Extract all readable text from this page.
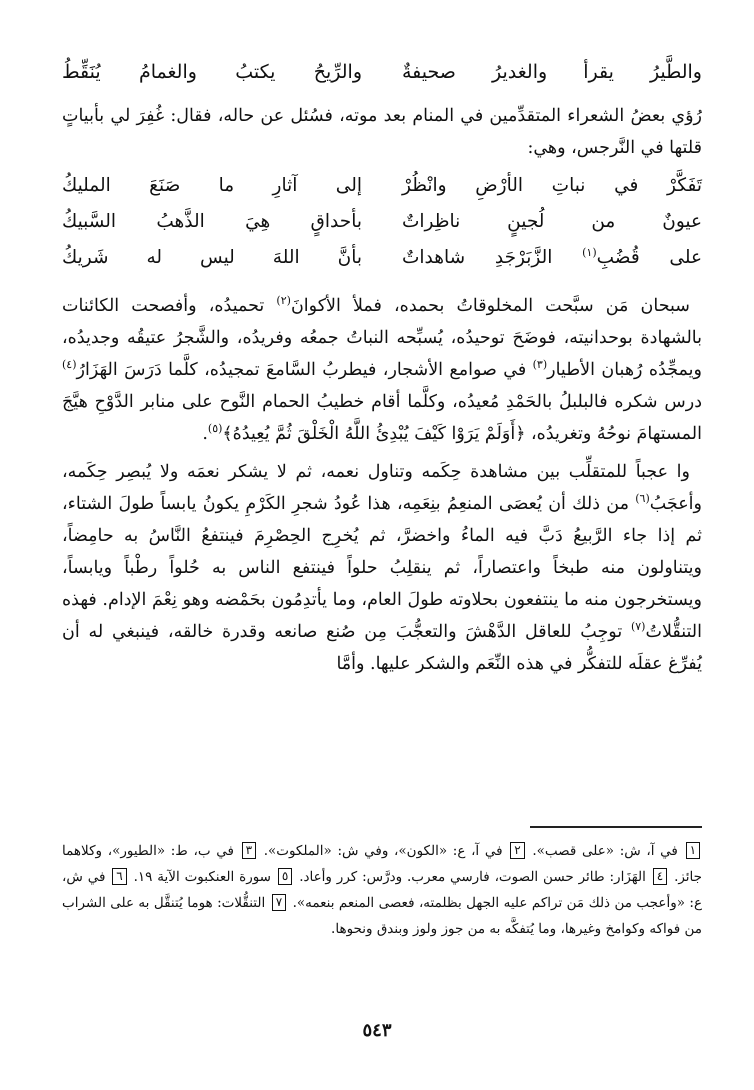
والطَّيرُ يقرأ والغديرُ صحيفةٌ
والرِّيحُ يكتبُ والغمامُ يُنَقِّطُ

رُؤي بعضُ الشعراء المتقدِّمين في المنام بعد موته، فسُئل عن حاله، فقال: غُفِرَ لي بأبياتٍ قلتها في النَّرجس، وهي:

تَفَكَّرْ في نباتِ الأرْضِ وانْظُرْ
إلى آثارِ ما صَنَعَ المليكُ
عيونٌ من لُجينٍ ناظِراتٌ
بأحداقٍ هِيَ الذَّهبُ السَّبيكُ
على قُضُبِ$^{(١)}$ الزَّبَرْجَدِ شاهداتٌ
بأنَّ اللهَ ليس له شَريكُ

سبحان مَن سبَّحت المخلوقاتُ بحمده، فملأ الأكوانَ$^{(٢)}$ تحميدُه، وأفصحت الكائنات بالشهادة بوحدانيته، فوضَحَ توحيدُه، يُسبِّحه النباتُ جمعُه وفريدُه، والشَّجرُ عتيقُه وجديدُه، ويمجِّدُه رُهبان الأطيار$^{(٣)}$ في صوامع الأشجار، فيطربُ السَّامعَ تمجيدُه، كلَّما دَرَسَ الهَزَارُ$^{(٤)}$ درس شكره فالبلبلُ بالحَمْدِ مُعيدُه، وكلَّما أقام خطيبُ الحمام النَّوح على منابر الدَّوْحِ هيَّجَ المستهامَ نوحُهُ وتغريدُه، ﴿أَوَلَمْ يَرَوْا كَيْفَ يُبْدِئُ اللَّهُ الْخَلْقَ ثُمَّ يُعِيدُهُ﴾$^{(٥)}$.

وا عجباً للمتقلِّب بين مشاهدة حِكَمه وتناول نعمه، ثم لا يشكر نعمَه ولا يُبصِر حِكَمه، وأعجَبُ$^{(٦)}$ من ذلك أن يُعصَى المنعِمُ بنِعَمِه، هذا عُودُ شجرِ الكَرْمِ يكونُ يابساً طولَ الشتاء، ثم إذا جاء الرَّبيعُ دَبَّ فيه الماءُ واخضرَّ، ثم يُخرِج الحِصْرِمَ فينتفعُ النَّاسُ به حامِضاً، ويتناولون منه طبخاً واعتصاراً، ثم ينقلِبُ حلواً فينتفع الناس به حُلواً رطْباً ويابساً، ويستخرجون منه ما ينتفعون بحلاوته طولَ العام، وما يأتدِمُون بحَمْضه وهو نِعْمَ الإدام. فهذه التنقُّلاتُ$^{(٧)}$ توجِبُ للعاقل الدَّهْشَ والتعجُّبَ مِن صُنع صانعه وقدرة خالقه، فينبغي له أن يُفرِّغ عقلَه للتفكُّر في هذه النِّعَم والشكر عليها. وأمَّا

١ في آ، ش: «على قصب». ٢ في آ، ع: «الكون»، وفي ش: «الملكوت». ٣ في ب، ط: «الطيور»، وكلاهما جائز. ٤ الهَزَار: طائر حسن الصوت، فارسي معرب. ودرَّس: كرر وأعاد. ٥ سورة العنكبوت الآية ١٩. ٦ في ش، ع: «وأعجب من ذلك مَن تراكم عليه الجهل بظلمته، فعصى المنعم بنعمه». ٧ التنقُّلات: هوما يُتنقَّل به على الشراب من فواكه وكوامخ وغيرها، وما يُتفكَّه به من جوز ولوز وبندق ونحوها.
٥٤٣
